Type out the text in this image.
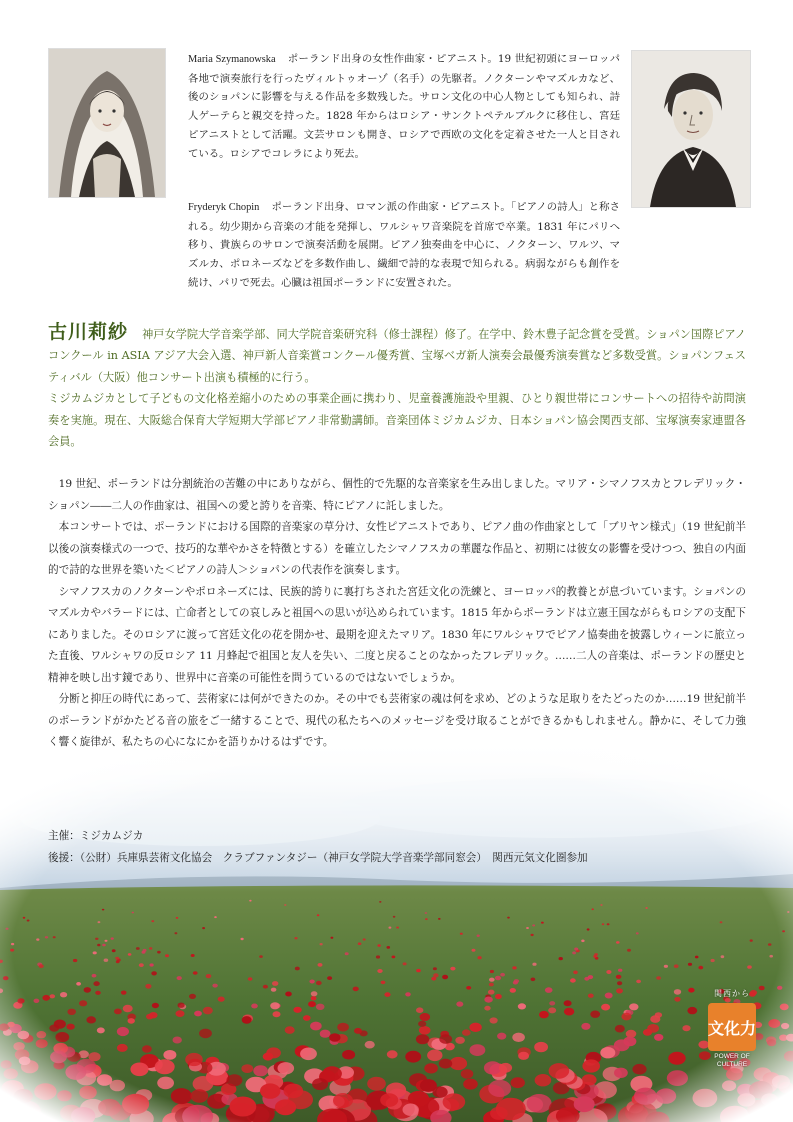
Maria Szymanowska ポーランド出身の女性作曲家・ピアニスト。19 世紀初頭にヨーロッパ各地で演奏旅行を行ったヴィルトゥオーゾ（名手）の先駆者。ノクターンやマズルカなど、後のショパンに影響を与える作品を多数残した。サロン文化の中心人物としても知られ、詩人ゲーテらと親交を持った。1828 年からはロシア・サンクトペテルブルクに移住し、宮廷ピアニストとして活躍。文芸サロンも開き、ロシアで西欧の文化を定着させた一人と目されている。ロシアでコレラにより死去。
Fryderyk Chopin ポーランド出身、ロマン派の作曲家・ピアニスト。「ピアノの詩人」と称される。幼少期から音楽の才能を発揮し、ワルシャワ音楽院を首席で卒業。1831 年にパリへ移り、貴族らのサロンで演奏活動を展開。ピアノ独奏曲を中心に、ノクターン、ワルツ、マズルカ、ポロネーズなどを多数作曲し、繊細で詩的な表現で知られる。病弱ながらも創作を続け、パリで死去。心臓は祖国ポーランドに安置された。
古川莉紗 神戸女学院大学音楽学部、同大学院音楽研究科（修士課程）修了。在学中、鈴木豊子記念賞を受賞。ショパン国際ピアノコンクール in ASIA アジア大会入選、神戸新人音楽賞コンクール優秀賞、宝塚ベガ新人演奏会最優秀演奏賞など多数受賞。ショパンフェスティバル（大阪）他コンサート出演も積極的に行う。
ミジカムジカとして子どもの文化格差縮小のための事業企画に携わり、児童養護施設や里親、ひとり親世帯にコンサートへの招待や訪問演奏を実施。現在、大阪総合保育大学短期大学部ピアノ非常勤講師。音楽団体ミジカムジカ、日本ショパン協会関西支部、宝塚演奏家連盟各会員。

19 世紀、ポーランドは分割統治の苦難の中にありながら、個性的で先駆的な音楽家を生み出しました。マリア・シマノフスカとフレデリック・ショパン――二人の作曲家は、祖国への愛と誇りを音楽、特にピアノに託しました。

本コンサートでは、ポーランドにおける国際的音楽家の草分け、女性ピアニストであり、ピアノ曲の作曲家として「ブリヤン様式」（19 世紀前半以後の演奏様式の一つで、技巧的な華やかさを特徴とする）を確立したシマノフスカの華麗な作品と、初期には彼女の影響を受けつつ、独自の内面的で詩的な世界を築いた＜ピアノの詩人＞ショパンの代表作を演奏します。

シマノフスカのノクターンやポロネーズには、民族的誇りに裏打ちされた宮廷文化の洗練と、ヨーロッパ的教養とが息づいています。ショパンのマズルカやバラードには、亡命者としての哀しみと祖国への思いが込められています。1815 年からポーランドは立憲王国ながらもロシアの支配下にありました。そのロシアに渡って宮廷文化の花を開かせ、最期を迎えたマリア。1830 年にワルシャワでピアノ協奏曲を披露しウィーンに旅立った直後、ワルシャワの反ロシア 11 月蜂起で祖国と友人を失い、二度と戻ることのなかったフレデリック。……二人の音楽は、ポーランドの歴史と精神を映し出す鏡であり、世界中に音楽の可能性を問うているのではないでしょうか。

分断と抑圧の時代にあって、芸術家には何ができたのか。その中でも芸術家の魂は何を求め、どのような足取りをたどったのか……19 世紀前半のポーランドがかたどる音の旅をご一緒することで、現代の私たちへのメッセージを受け取ることができるかもしれません。静かに、そして力強く響く旋律が、私たちの心になにかを語りかけるはずです。

主催：ミジカムジカ
後援：（公財）兵庫県芸術文化協会　クラブファンタジー（神戸女学院大学音楽学部同窓会）　関西元気文化圏参加
関西から
文化力
POWER OF
CULTURE
